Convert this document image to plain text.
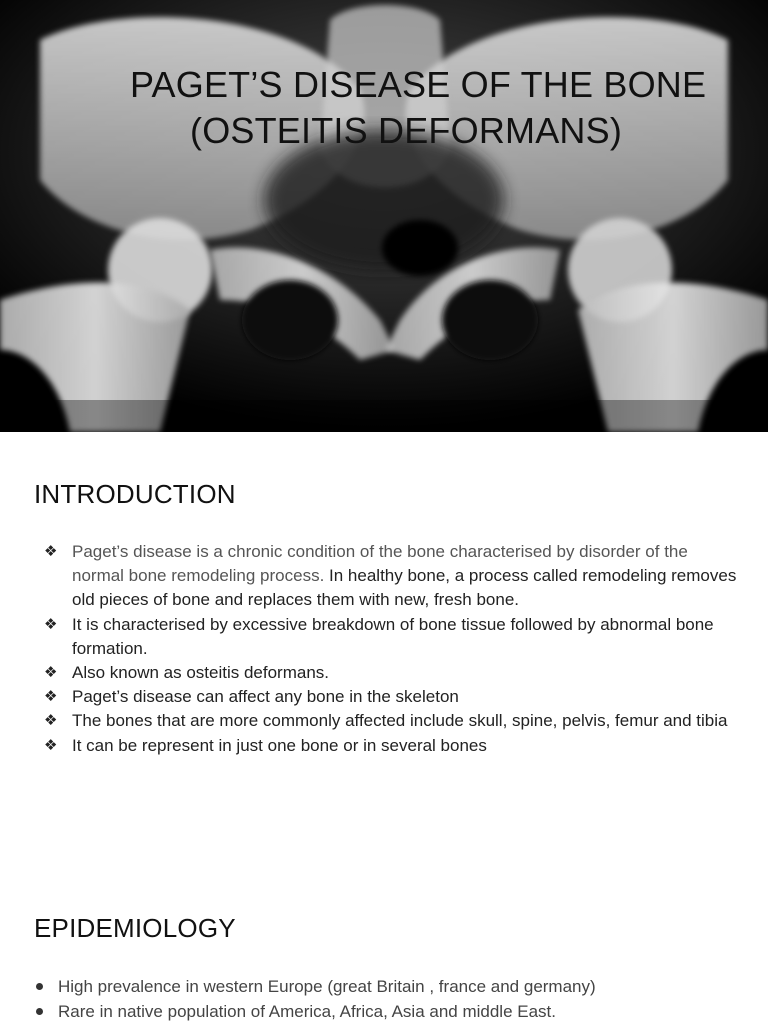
PAGET’S DISEASE OF THE BONE
(OSTEITIS DEFORMANS)
INTRODUCTION
❖ Paget’s disease is a chronic condition of the bone characterised by disorder of the normal bone remodeling process. In healthy bone, a process called remodeling removes old pieces of bone and replaces them with new, fresh bone.
❖ It is characterised by excessive breakdown of bone tissue followed by abnormal bone formation.
❖ Also known as osteitis deformans.
❖ Paget’s disease can affect any bone in the skeleton
❖ The bones that are more commonly affected include skull, spine, pelvis, femur and tibia
❖ It can be represent in just one bone or in several bones
EPIDEMIOLOGY
High prevalence in western Europe (great Britain , france and germany)
Rare in native population of America, Africa, Asia and middle East.
